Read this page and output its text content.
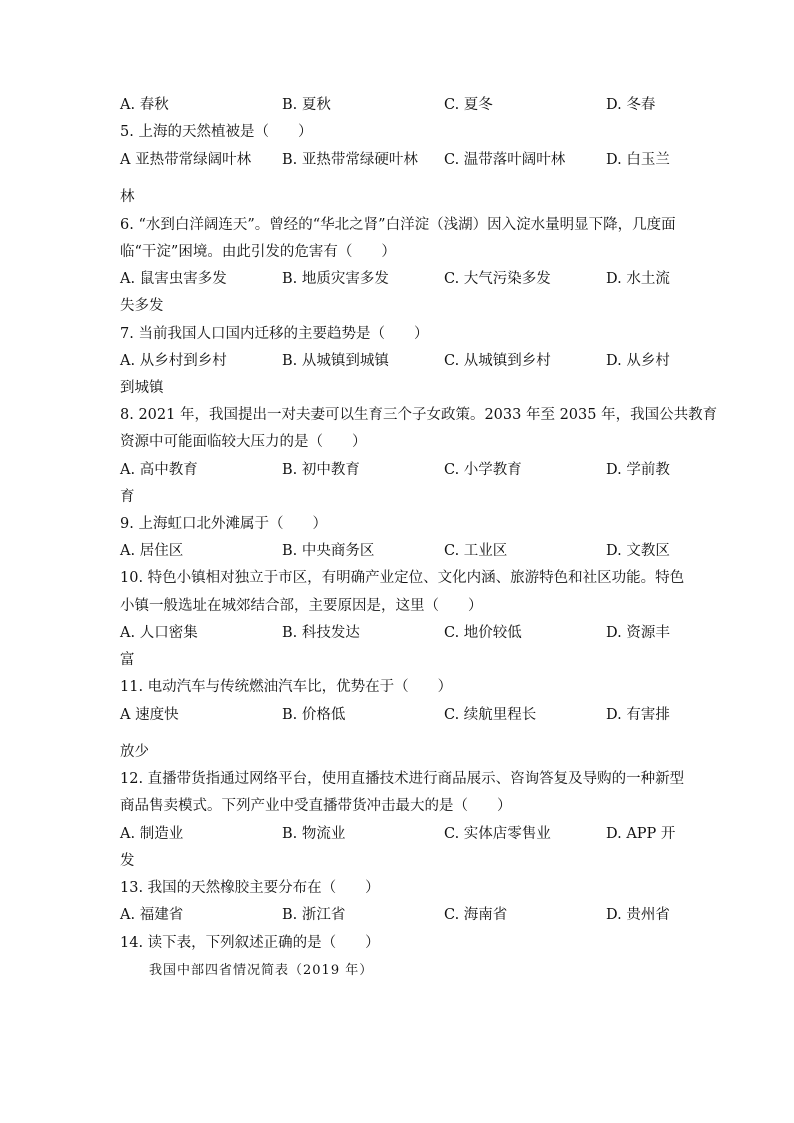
A. 春秋	B. 夏秋	C. 夏冬	D. 冬春
5. 上海的天然植被是（　　）
A 亚热带常绿阔叶林 B. 亚热带常绿硬叶林 C. 温带落叶阔叶林	D. 白玉兰
林
6. “水到白洋阔连天”。曾经的“华北之肾”白洋淀（浅湖）因入淀水量明显下降，几度面
临“干淀”困境。由此引发的危害有（　　）
A. 鼠害虫害多发	B. 地质灾害多发	C. 大气污染多发	D. 水土流
失多发
7. 当前我国人口国内迁移的主要趋势是（　　）
A. 从乡村到乡村	B. 从城镇到城镇	C. 从城镇到乡村	D. 从乡村
到城镇
8. 2021 年，我国提出一对夫妻可以生育三个子女政策。2033 年至 2035 年，我国公共教育
资源中可能面临较大压力的是（　　）
A. 高中教育	B. 初中教育	C. 小学教育	D. 学前教
育
9. 上海虹口北外滩属于（　　）
A. 居住区	B. 中央商务区	C. 工业区	D. 文教区
10. 特色小镇相对独立于市区，有明确产业定位、文化内涵、旅游特色和社区功能。特色
小镇一般选址在城郊结合部，主要原因是，这里（　　）
A. 人口密集	B. 科技发达	C. 地价较低	D. 资源丰
富
11. 电动汽车与传统燃油汽车比，优势在于（　　）
A 速度快	B. 价格低	C. 续航里程长	D. 有害排
放少
12. 直播带货指通过网络平台，使用直播技术进行商品展示、咨询答复及导购的一种新型
商品售卖模式。下列产业中受直播带货冲击最大的是（　　）
A. 制造业	B. 物流业	C. 实体店零售业	D. APP 开
发
13. 我国的天然橡胶主要分布在（　　）
A. 福建省	B. 浙江省	C. 海南省	D. 贵州省
14. 读下表，下列叙述正确的是（　　）
我国中部四省情况简表（2019 年）
